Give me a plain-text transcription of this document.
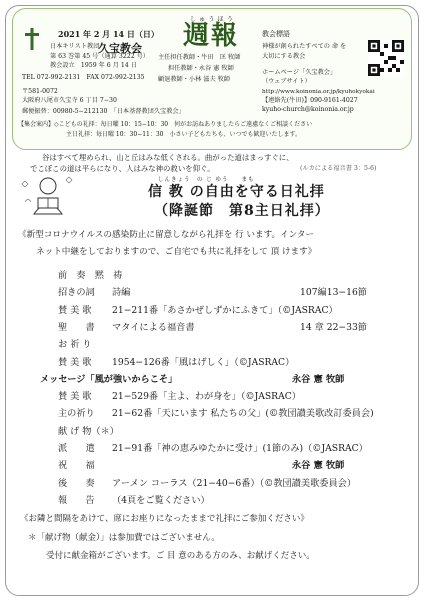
2021 年 2 月 14 日（日）
日本キリスト教団
久宝教会
第 63 巻第 45 号（通算 3222 号）
教会設立　1959 年 6 月 14 日
TEL 072-992-2131　FAX 072-992-2135
〒581-0072
大阪府八尾市久宝寺 6 丁目 7−30
郵便振替：00980-5−212130　「日本基督教団久宝教会」
しゅうほう
週報
主任担任教師・牛田　匡 牧師
担任教師・永谷 憲 牧師
顧退教師・小林 滋夫 牧師
教会標語
神様が創られたすべての 命 を
大切にする教会
ホームページ「久宝教会」
（ウェブサイト）
http://www.koinonia.or.jp/kyuhokyokai
【連絡先(牛田)】090-9161-4027
kyuho-church@koinonia.or.jp
【集会案内】◇こどもの礼拝：毎日曜 10：15−10：30　何がお訪ねありましたらご遠慮なくご相談ください
主日礼拝：毎日曜 10：30−11：30　小さい子どもたちも、いつでも歓迎いたします。
谷はすべて埋められ、山と丘はみな低くされる。曲がった道はまっすぐに、
でこぼこの道は平らになり、人はみな神の救いを仰ぐ。	(ルカによる福音書 3：5-6)
しんきょう　の じ ゆう　　まも
信 教 の自由を守る日礼拝
（降誕節　第8主日礼拝）
《新型コロナウイルスの感染防止に留意しながら礼拝を 行 います。インター
ネット中継をしておりますので、ご自宅でも共に礼拝をして 頂 けます》
前　奏　黙　祷
招きの詞 詩編	107編13−16節
賛 美 歌 21−211番「あさかぜしずかにふきて」（©JASRAC）
聖　　書 マタイによる福音書	14 章 22−33節
お 祈 り
賛 美 歌 1954−126番「風はげしく」（©JASRAC）
メッセージ「風が強いからこそ」	永谷 憲 牧師
賛 美 歌 21−529番「主よ、わが身を」（©JASRAC）
主の祈り 21−62番「天にいます 私たちの父」(©教団讃美歌改訂委員会)
献 げ 物（＊）
派　　遣 21−91番「神の恵みゆたかに受け」(1節のみ)（©JASRAC）
祝　　福	永谷 憲 牧師
後　　奏 アーメン コーラス（21−40−6番）（©教団讃美歌委員会）
報　　告 （4頁をご覧ください）
《お隣と間隔をあけて、席にお座りになったままで礼拝にご参加ください》
＊「献げ物（献金）」は参加費ではございません。
受付に献金箱がございます。ご 目 意のある方のみ、お献げください。
